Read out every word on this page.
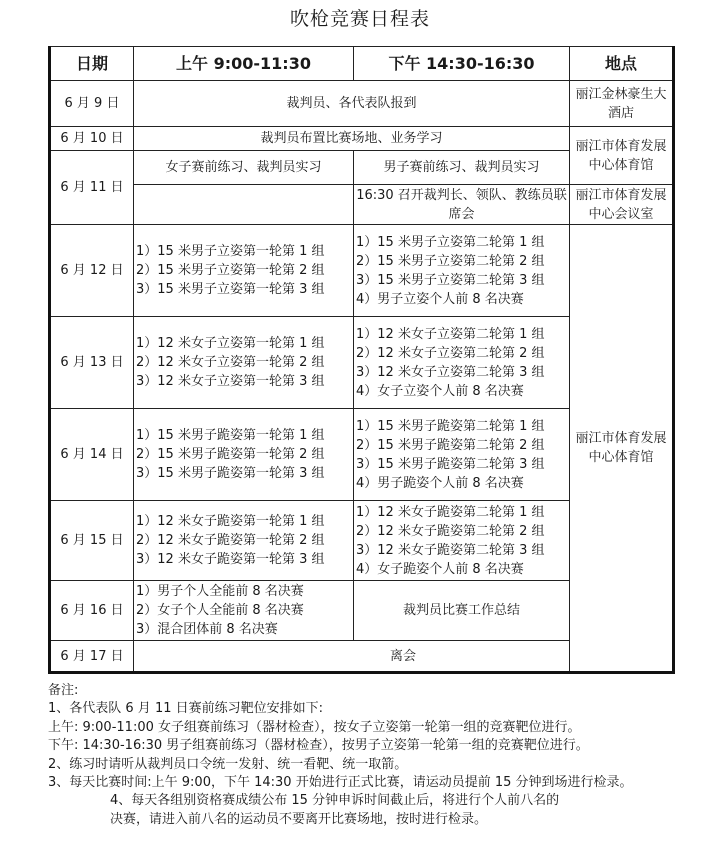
吹枪竞赛日程表
日期	上午 9:00-11:30	下午 14:30-16:30	地点
6 月 9 日	裁判员、各代表队报到		丽江金林豪生大酒店
6 月 10 日	裁判员布置比赛场地、业务学习		丽江市体育发展中心体育馆
6 月 11 日	女子赛前练习、裁判员实习	男子赛前练习、裁判员实习	
		16:30 召开裁判长、领队、教练员联席会	丽江市体育发展中心会议室
6 月 12 日	1）15 米男子立姿第一轮第 1 组
2）15 米男子立姿第一轮第 2 组
3）15 米男子立姿第一轮第 3 组	1）15 米男子立姿第二轮第 1 组
2）15 米男子立姿第二轮第 2 组
3）15 米男子立姿第二轮第 3 组
4）男子立姿个人前 8 名决赛	丽江市体育发展中心体育馆
6 月 13 日	1）12 米女子立姿第一轮第 1 组
2）12 米女子立姿第一轮第 2 组
3）12 米女子立姿第一轮第 3 组	1）12 米女子立姿第二轮第 1 组
2）12 米女子立姿第二轮第 2 组
3）12 米女子立姿第二轮第 3 组
4）女子立姿个人前 8 名决赛	

6 月 14 日	1）15 米男子跪姿第一轮第 1 组
2）15 米男子跪姿第一轮第 2 组
3）15 米男子跪姿第一轮第 3 组	1）15 米男子跪姿第二轮第 1 组
2）15 米男子跪姿第二轮第 2 组
3）15 米男子跪姿第二轮第 3 组
4）男子跪姿个人前 8 名决赛	

6 月 15 日	1）12 米女子跪姿第一轮第 1 组
2）12 米女子跪姿第一轮第 2 组
3）12 米女子跪姿第一轮第 3 组	1）12 米女子跪姿第二轮第 1 组
2）12 米女子跪姿第二轮第 2 组
3）12 米女子跪姿第二轮第 3 组
4）女子跪姿个人前 8 名决赛	

6 月 16 日	1）男子个人全能前 8 名决赛
2）女子个人全能前 8 名决赛
3）混合团体前 8 名决赛	裁判员比赛工作总结	
6 月 17 日	离会		
备注:
1、各代表队 6 月 11 日赛前练习靶位安排如下:
上午: 9:00-11:00 女子组赛前练习（器材检查），按女子立姿第一轮第一组的竞赛靶位进行。
下午: 14:30-16:30 男子组赛前练习（器材检查），按男子立姿第一轮第一组的竞赛靶位进行。
2、练习时请听从裁判员口令统一发射、统一看靶、统一取箭。
3、每天比赛时间:上午 9:00，下午 14:30 开始进行正式比赛，请运动员提前 15 分钟到场进行检录。
4、每天各组别资格赛成绩公布 15 分钟申诉时间截止后，将进行个人前八名的
决赛，请进入前八名的运动员不要离开比赛场地，按时进行检录。
